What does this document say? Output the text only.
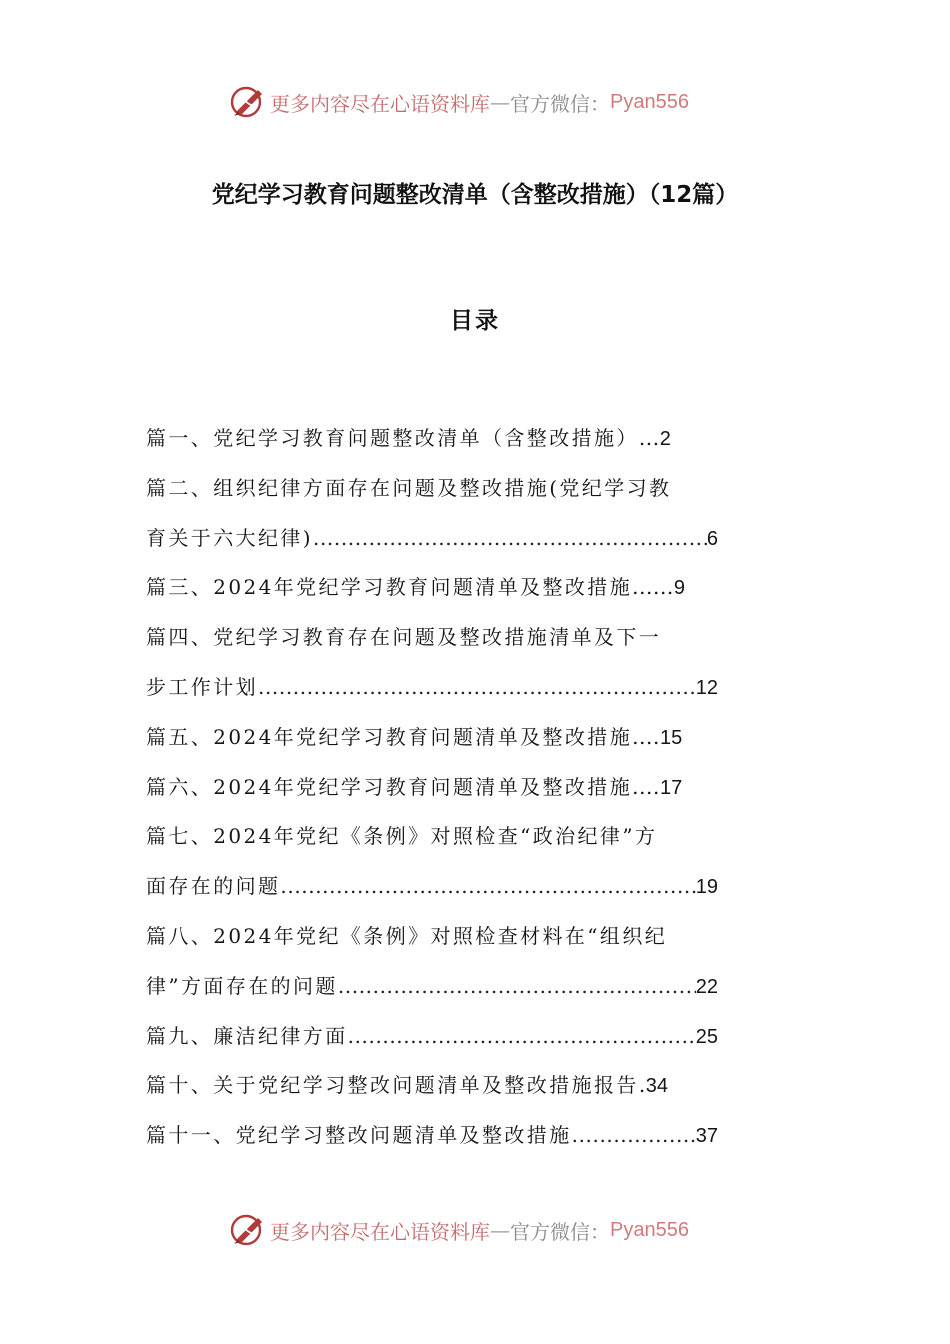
更多内容尽在心语资料库 — 官方微信： Pyan556
党纪学习教育问题整改清单（含整改措施）（12篇）
目录
篇一、党纪学习教育问题整改清单（含整改措施） ... 2
篇二、组织纪律方面存在问题及整改措施(党纪学习教
育关于六大纪律) .....	6
篇三、2024年党纪学习教育问题清单及整改措施 ...... 9
篇四、党纪学习教育存在问题及整改措施清单及下一
步工作计划 .....	12
篇五、2024年党纪学习教育问题清单及整改措施 .... 15
篇六、2024年党纪学习教育问题清单及整改措施 .... 17
篇七、2024年党纪《条例》对照检查“政治纪律”方
面存在的问题 .....	19
篇八、2024年党纪《条例》对照检查材料在“组织纪
律”方面存在的问题 .....	22
篇九、廉洁纪律方面 .....	25
篇十、关于党纪学习整改问题清单及整改措施报告 . 34
篇十一、党纪学习整改问题清单及整改措施 .....	37
更多内容尽在心语资料库 — 官方微信： Pyan556
